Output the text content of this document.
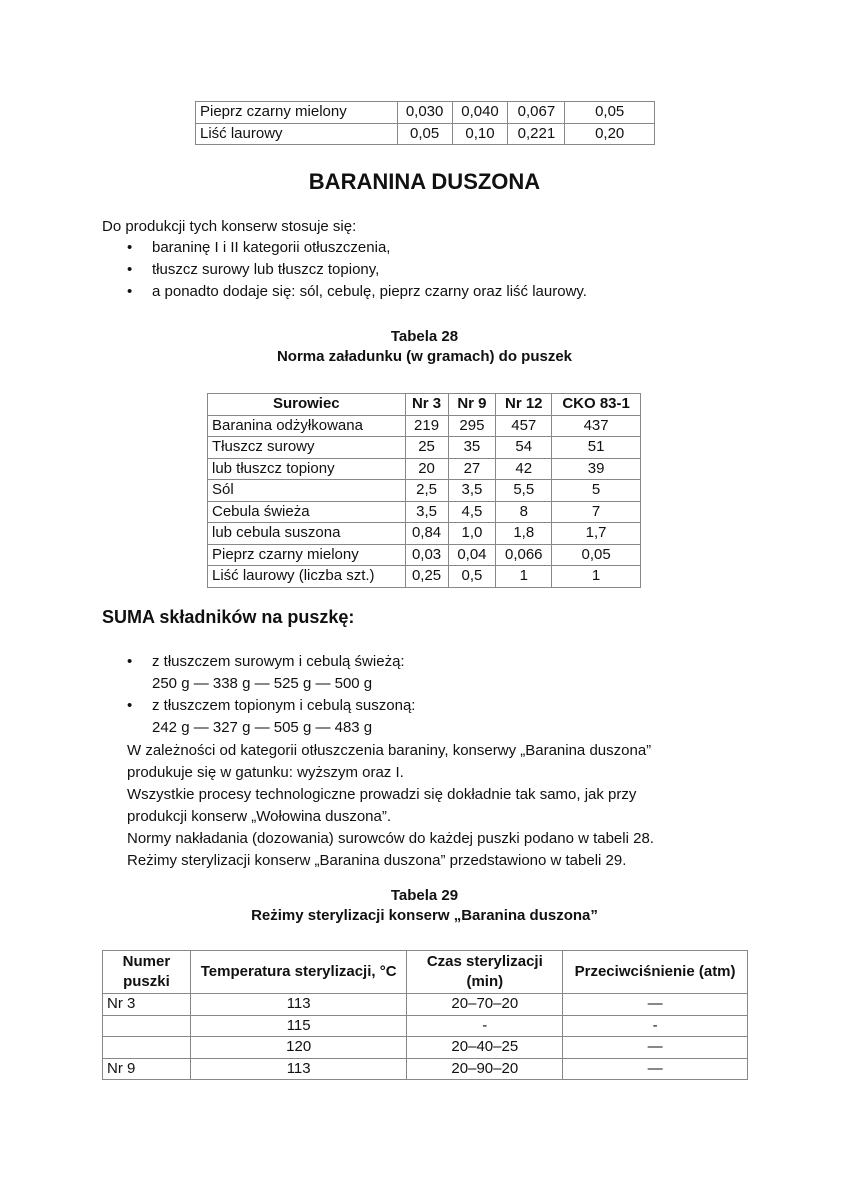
Pieprz czarny mielony	0,030	0,040	0,067	0,05
Liść laurowy	0,05	0,10	0,221	0,20
BARANINA DUSZONA
Do produkcji tych konserw stosuje się:
• baraninę I i II kategorii otłuszczenia,
• tłuszcz surowy lub tłuszcz topiony,
• a ponadto dodaje się: sól, cebulę, pieprz czarny oraz liść laurowy.
Tabela 28
Norma załadunku (w gramach) do puszek
Surowiec	Nr 3	Nr 9	Nr 12	CKO 83-1
Baranina odżyłkowana	219	295	457	437
Tłuszcz surowy	25	35	54	51
lub tłuszcz topiony	20	27	42	39
Sól	2,5	3,5	5,5	5
Cebula świeża	3,5	4,5	8	7
lub cebula suszona	0,84	1,0	1,8	1,7
Pieprz czarny mielony	0,03	0,04	0,066	0,05
Liść laurowy (liczba szt.)	0,25	0,5	1	1
SUMA składników na puszkę:
• z tłuszczem surowym i cebulą świeżą:
250 g — 338 g — 525 g — 500 g
• z tłuszczem topionym i cebulą suszoną:
242 g — 327 g — 505 g — 483 g
W zależności od kategorii otłuszczenia baraniny, konserwy „Baranina duszona”
produkuje się w gatunku: wyższym oraz I.
Wszystkie procesy technologiczne prowadzi się dokładnie tak samo, jak przy
produkcji konserw „Wołowina duszona”.
Normy nakładania (dozowania) surowców do każdej puszki podano w tabeli 28.
Reżimy sterylizacji konserw „Baranina duszona” przedstawiono w tabeli 29.
Tabela 29
Reżimy sterylizacji konserw „Baranina duszona”
Numer puszki	Temperatura sterylizacji, °C	Czas sterylizacji (min)	Przeciwciśnienie (atm)
Nr 3	113	20–70–20	—
	115	-	-
	120	20–40–25	—
Nr 9	113	20–90–20	—
